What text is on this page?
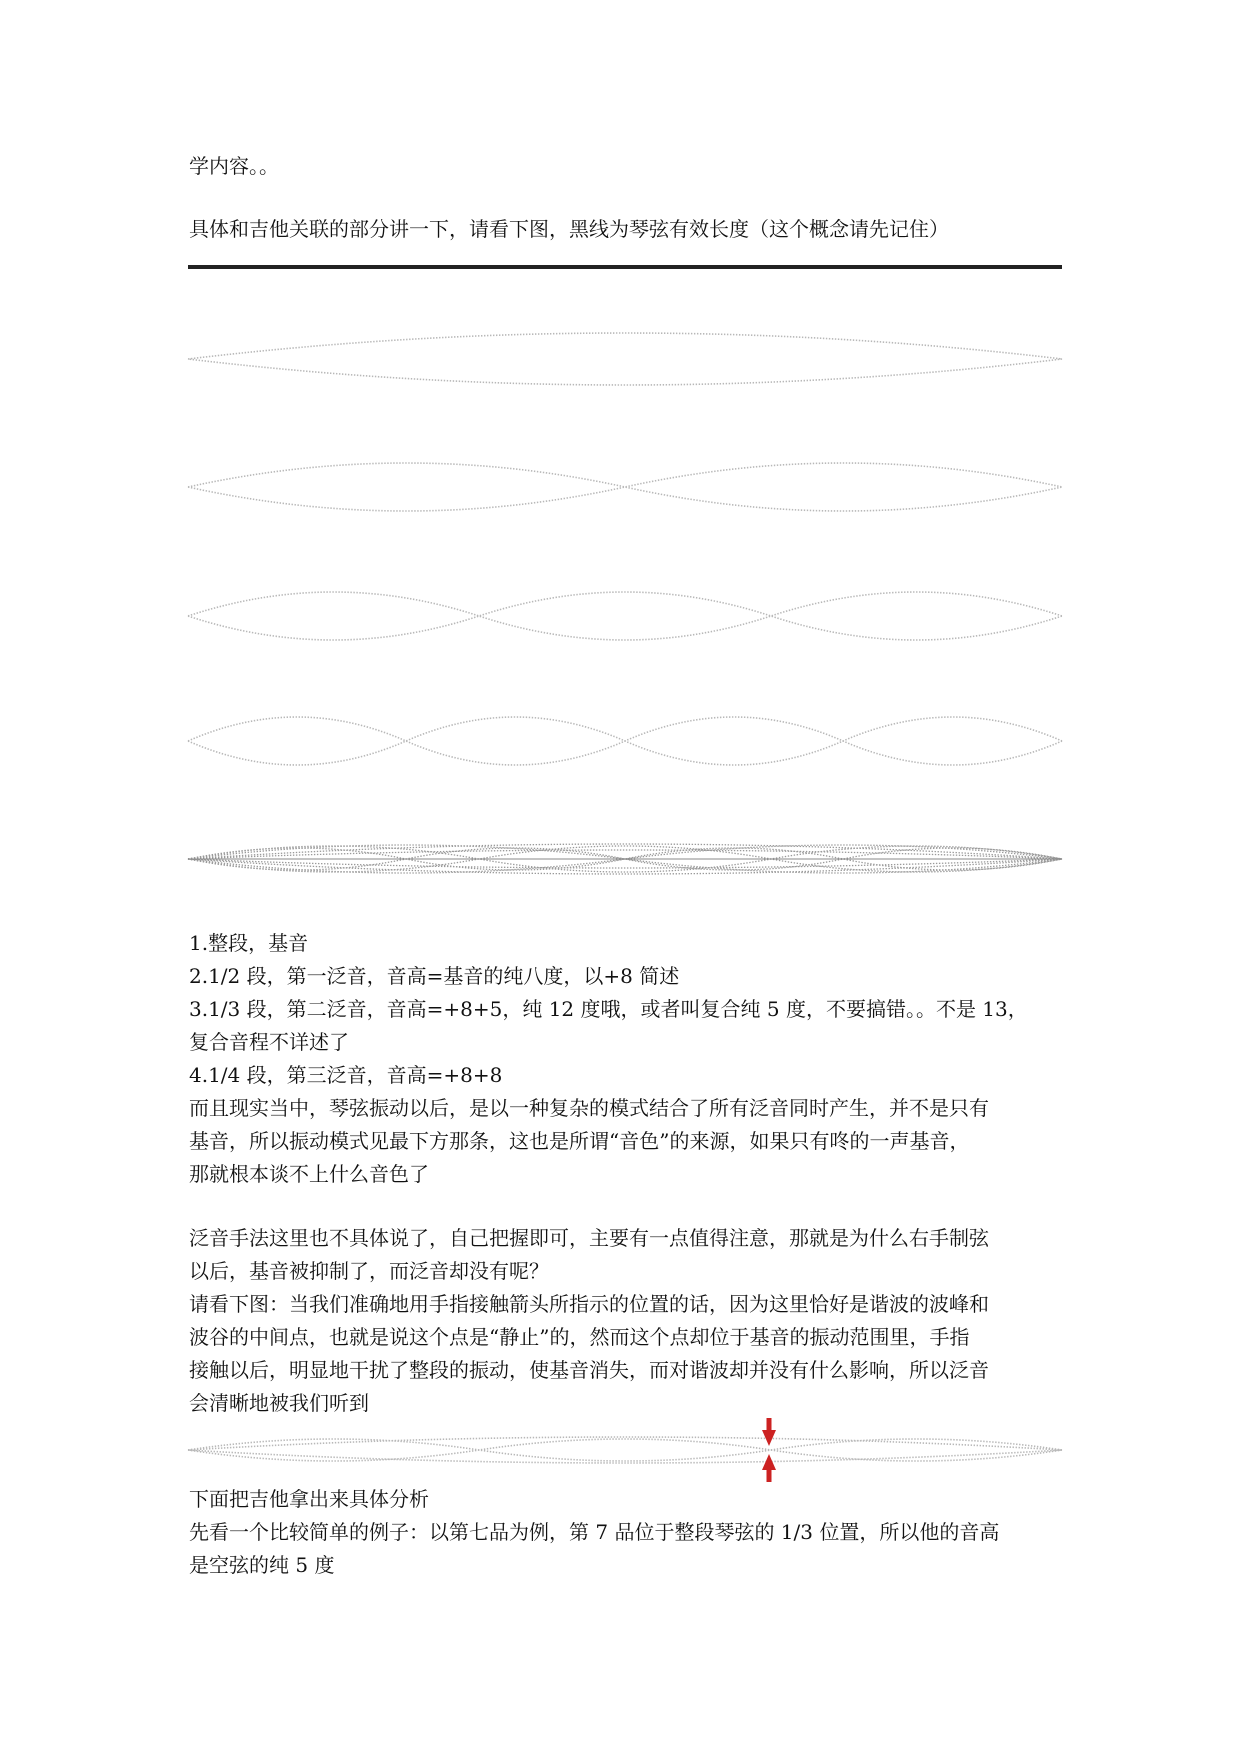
学内容。。

具体和吉他关联的部分讲一下，请看下图，黑线为琴弦有效长度（这个概念请先记住）

1.整段，基音

2.1/2 段，第一泛音，音高=基音的纯八度，以+8 简述

3.1/3 段，第二泛音，音高=+8+5，纯 12 度哦，或者叫复合纯 5 度，不要搞错。。不是 13，

复合音程不详述了

4.1/4 段，第三泛音，音高=+8+8

而且现实当中，琴弦振动以后，是以一种复杂的模式结合了所有泛音同时产生，并不是只有
基音，所以振动模式见最下方那条，这也是所谓“音色”的来源，如果只有咚的一声基音，
那就根本谈不上什么音色了
泛音手法这里也不具体说了，自己把握即可，主要有一点值得注意，那就是为什么右手制弦
以后，基音被抑制了，而泛音却没有呢？
请看下图：当我们准确地用手指接触箭头所指示的位置的话，因为这里恰好是谐波的波峰和
波谷的中间点，也就是说这个点是“静止”的，然而这个点却位于基音的振动范围里，手指
接触以后，明显地干扰了整段的振动，使基音消失，而对谐波却并没有什么影响，所以泛音
会清晰地被我们听到
下面把吉他拿出来具体分析
先看一个比较简单的例子：以第七品为例，第 7 品位于整段琴弦的 1/3 位置，所以他的音高
是空弦的纯 5 度
